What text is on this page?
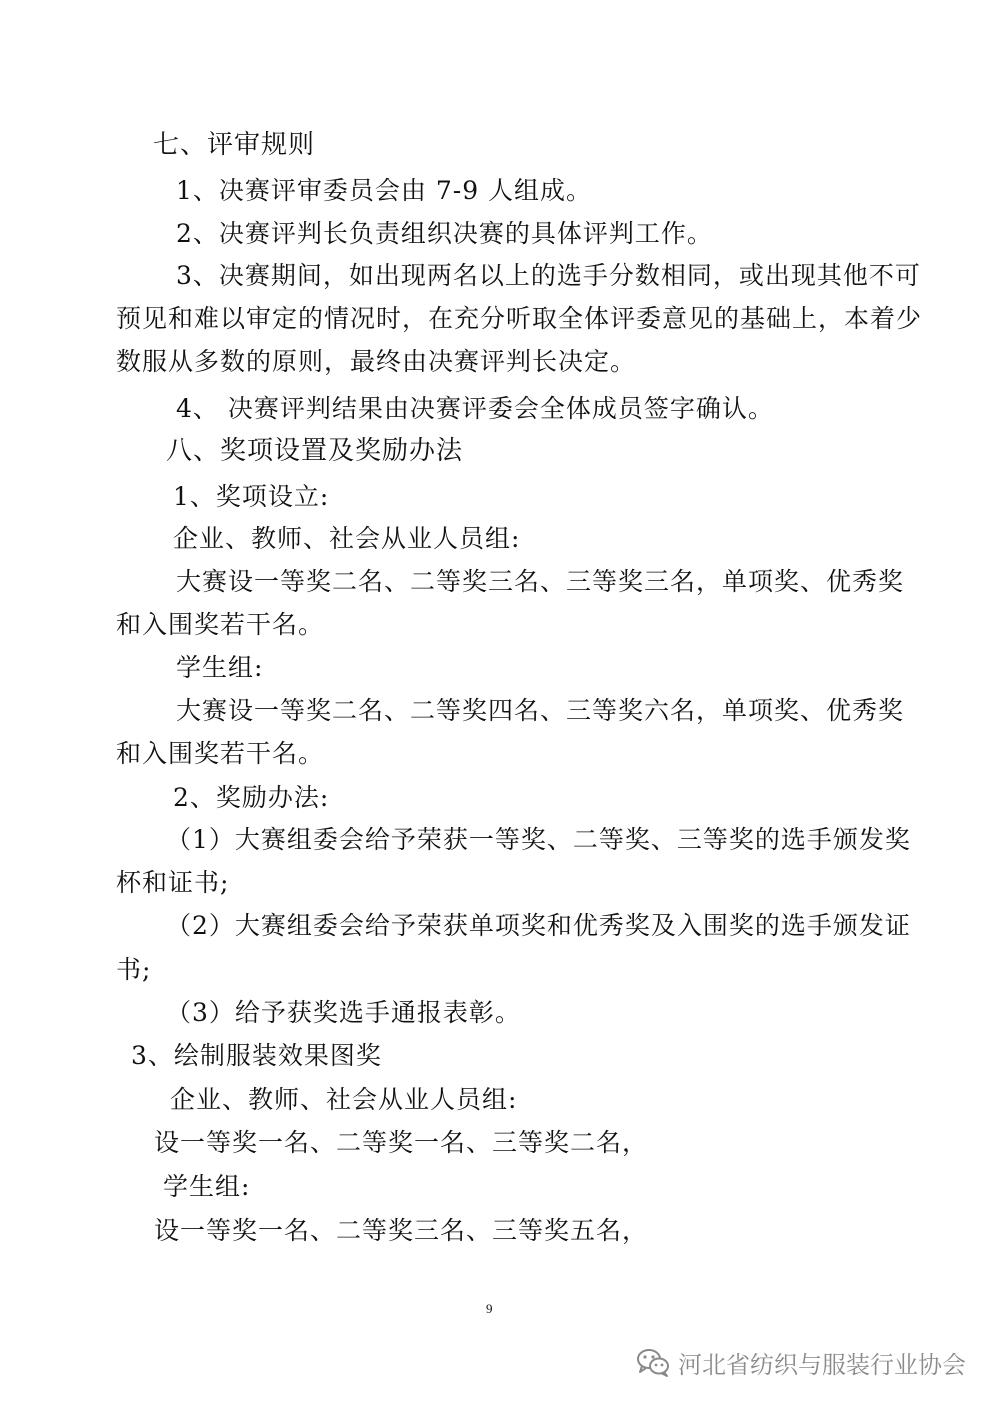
七、评审规则
1、决赛评审委员会由 7-9 人组成。
2、决赛评判长负责组织决赛的具体评判工作。
3、决赛期间，如出现两名以上的选手分数相同，或出现其他不可
预见和难以审定的情况时，在充分听取全体评委意见的基础上，本着少
数服从多数的原则，最终由决赛评判长决定。
4、 决赛评判结果由决赛评委会全体成员签字确认。
八、奖项设置及奖励办法
1、奖项设立:
企业、教师、社会从业人员组:
大赛设一等奖二名、二等奖三名、三等奖三名，单项奖、优秀奖
和入围奖若干名。
学生组:
大赛设一等奖二名、二等奖四名、三等奖六名，单项奖、优秀奖
和入围奖若干名。
2、奖励办法:
（1）大赛组委会给予荣获一等奖、二等奖、三等奖的选手颁发奖
杯和证书;
（2）大赛组委会给予荣获单项奖和优秀奖及入围奖的选手颁发证
书;
（3）给予获奖选手通报表彰。
3、绘制服装效果图奖
企业、教师、社会从业人员组:
设一等奖一名、二等奖一名、三等奖二名，
学生组:
设一等奖一名、二等奖三名、三等奖五名，
9
河北省纺织与服装行业协会
